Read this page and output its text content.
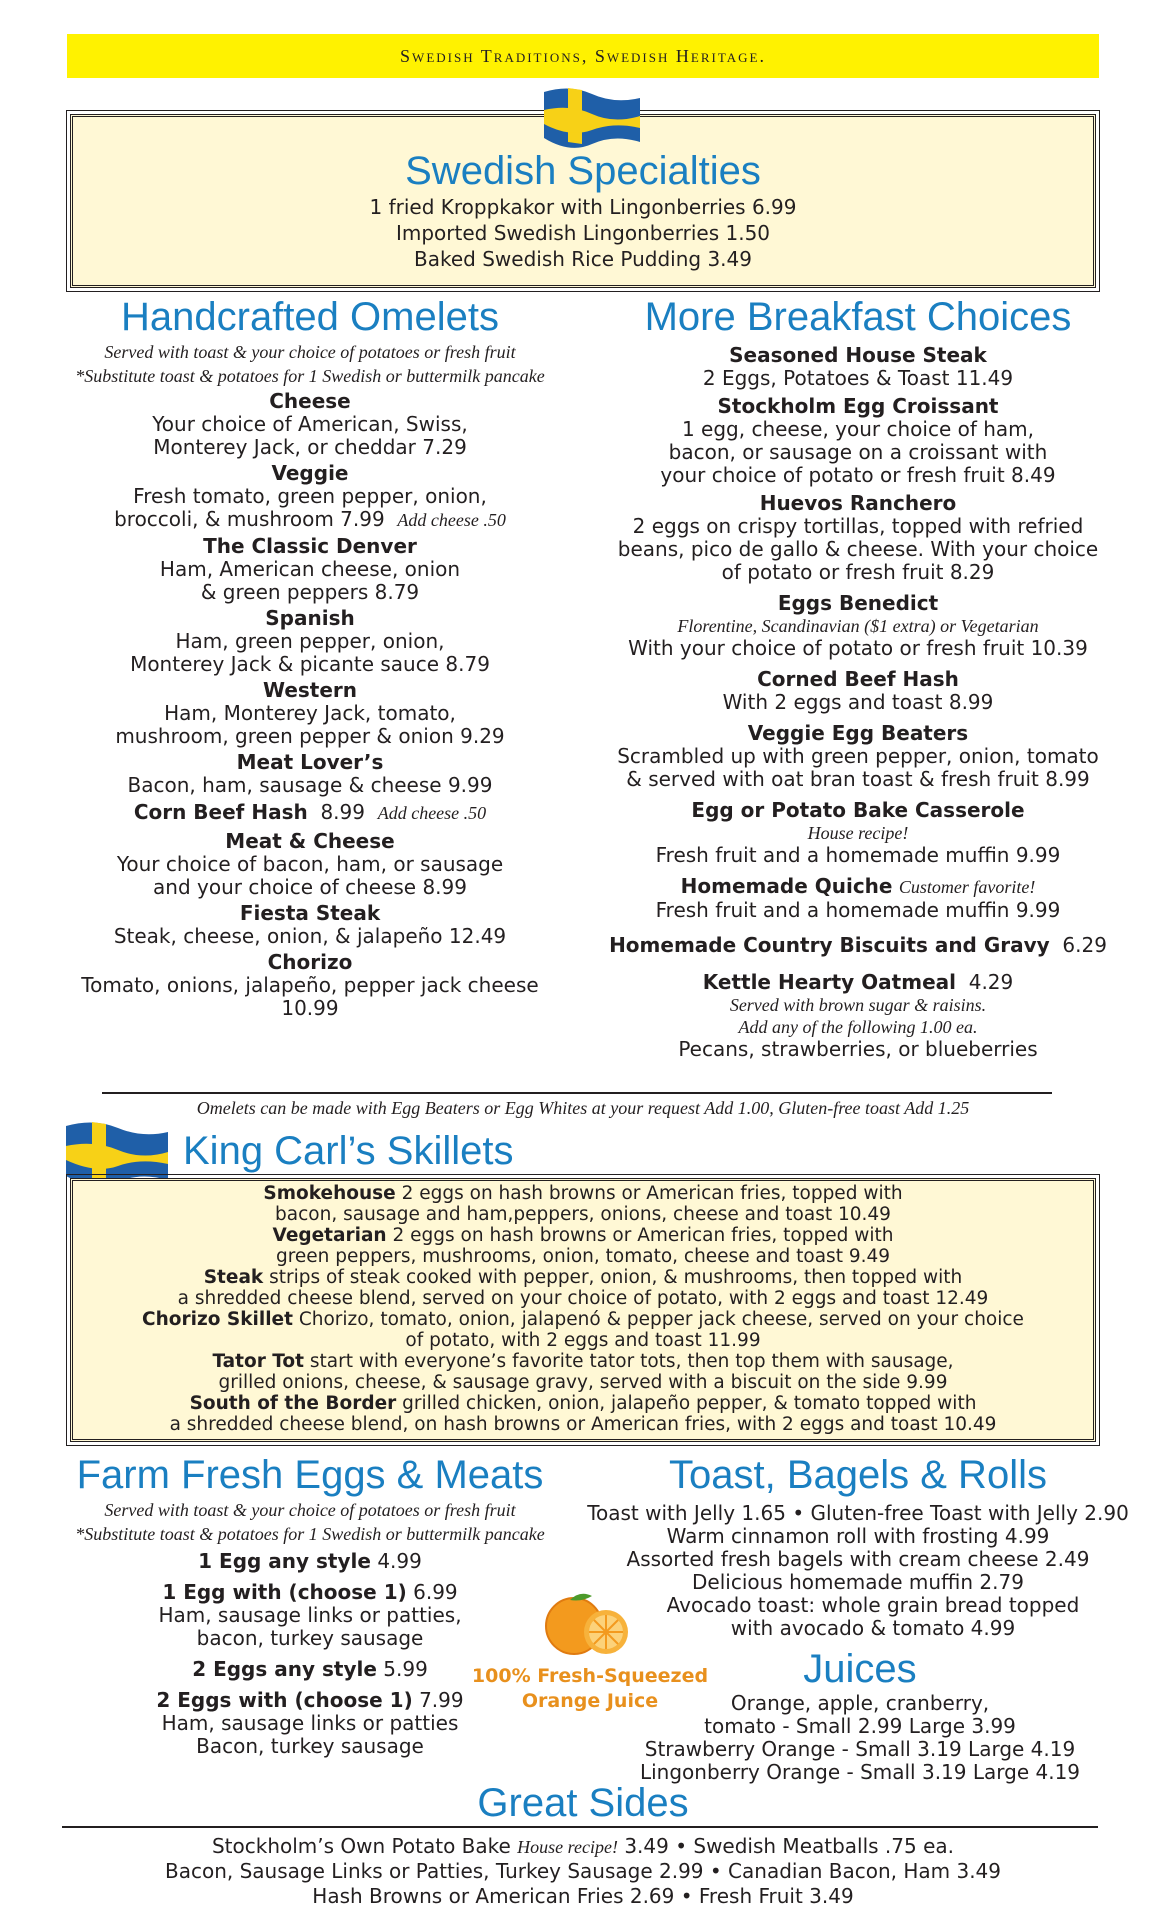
Swedish Traditions, Swedish Heritage.
Swedish Specialties
1 fried Kroppkakor with Lingonberries 6.99
Imported Swedish Lingonberries 1.50
Baked Swedish Rice Pudding 3.49
Handcrafted Omelets
Served with toast & your choice of potatoes or fresh fruit
*Substitute toast & potatoes for 1 Swedish or buttermilk pancake
Cheese
Your choice of American, Swiss,
Monterey Jack, or cheddar 7.29
Veggie
Fresh tomato, green pepper, onion,
broccoli, & mushroom 7.99 Add cheese .50
The Classic Denver
Ham, American cheese, onion
& green peppers 8.79
Spanish
Ham, green pepper, onion,
Monterey Jack & picante sauce 8.79
Western
Ham, Monterey Jack, tomato,
mushroom, green pepper & onion 9.29
Meat Lover’s
Bacon, ham, sausage & cheese 9.99
Corn Beef Hash 8.99 Add cheese .50
Meat & Cheese
Your choice of bacon, ham, or sausage
and your choice of cheese 8.99
Fiesta Steak
Steak, cheese, onion, & jalapeño 12.49
Chorizo
Tomato, onions, jalapeño, pepper jack cheese
10.99
More Breakfast Choices
Seasoned House Steak
2 Eggs, Potatoes & Toast 11.49
Stockholm Egg Croissant
1 egg, cheese, your choice of ham,
bacon, or sausage on a croissant with
your choice of potato or fresh fruit 8.49
Huevos Ranchero
2 eggs on crispy tortillas, topped with refried
beans, pico de gallo & cheese. With your choice
of potato or fresh fruit 8.29
Eggs Benedict
Florentine, Scandinavian ($1 extra) or Vegetarian
With your choice of potato or fresh fruit 10.39
Corned Beef Hash
With 2 eggs and toast 8.99
Veggie Egg Beaters
Scrambled up with green pepper, onion, tomato
& served with oat bran toast & fresh fruit 8.99
Egg or Potato Bake Casserole
House recipe!
Fresh fruit and a homemade muffin 9.99
Homemade Quiche Customer favorite!
Fresh fruit and a homemade muffin 9.99
Homemade Country Biscuits and Gravy 6.29
Kettle Hearty Oatmeal 4.29
Served with brown sugar & raisins.
Add any of the following 1.00 ea.
Pecans, strawberries, or blueberries
Omelets can be made with Egg Beaters or Egg Whites at your request Add 1.00, Gluten-free toast Add 1.25
King Carl’s Skillets
Smokehouse 2 eggs on hash browns or American fries, topped with
bacon, sausage and ham,peppers, onions, cheese and toast 10.49
Vegetarian 2 eggs on hash browns or American fries, topped with
green peppers, mushrooms, onion, tomato, cheese and toast 9.49
Steak strips of steak cooked with pepper, onion, & mushrooms, then topped with
a shredded cheese blend, served on your choice of potato, with 2 eggs and toast 12.49
Chorizo Skillet Chorizo, tomato, onion, jalapenó & pepper jack cheese, served on your choice
of potato, with 2 eggs and toast 11.99
Tator Tot start with everyone’s favorite tator tots, then top them with sausage,
grilled onions, cheese, & sausage gravy, served with a biscuit on the side 9.99
South of the Border grilled chicken, onion, jalapeño pepper, & tomato topped with
a shredded cheese blend, on hash browns or American fries, with 2 eggs and toast 10.49
Farm Fresh Eggs & Meats
Served with toast & your choice of potatoes or fresh fruit
*Substitute toast & potatoes for 1 Swedish or buttermilk pancake
1 Egg any style 4.99
1 Egg with (choose 1) 6.99
Ham, sausage links or patties,
bacon, turkey sausage
2 Eggs any style 5.99
2 Eggs with (choose 1) 7.99
Ham, sausage links or patties
Bacon, turkey sausage
100% Fresh-Squeezed
Orange Juice
Toast, Bagels & Rolls
Toast with Jelly 1.65 • Gluten-free Toast with Jelly 2.90
Warm cinnamon roll with frosting 4.99
Assorted fresh bagels with cream cheese 2.49
Delicious homemade muffin 2.79
Avocado toast: whole grain bread topped
with avocado & tomato 4.99
Juices
Orange, apple, cranberry,
tomato - Small 2.99 Large 3.99
Strawberry Orange - Small 3.19 Large 4.19
Lingonberry Orange - Small 3.19 Large 4.19
Great Sides
Stockholm’s Own Potato Bake House recipe! 3.49 • Swedish Meatballs .75 ea.
Bacon, Sausage Links or Patties, Turkey Sausage 2.99 • Canadian Bacon, Ham 3.49
Hash Browns or American Fries 2.69 • Fresh Fruit 3.49
